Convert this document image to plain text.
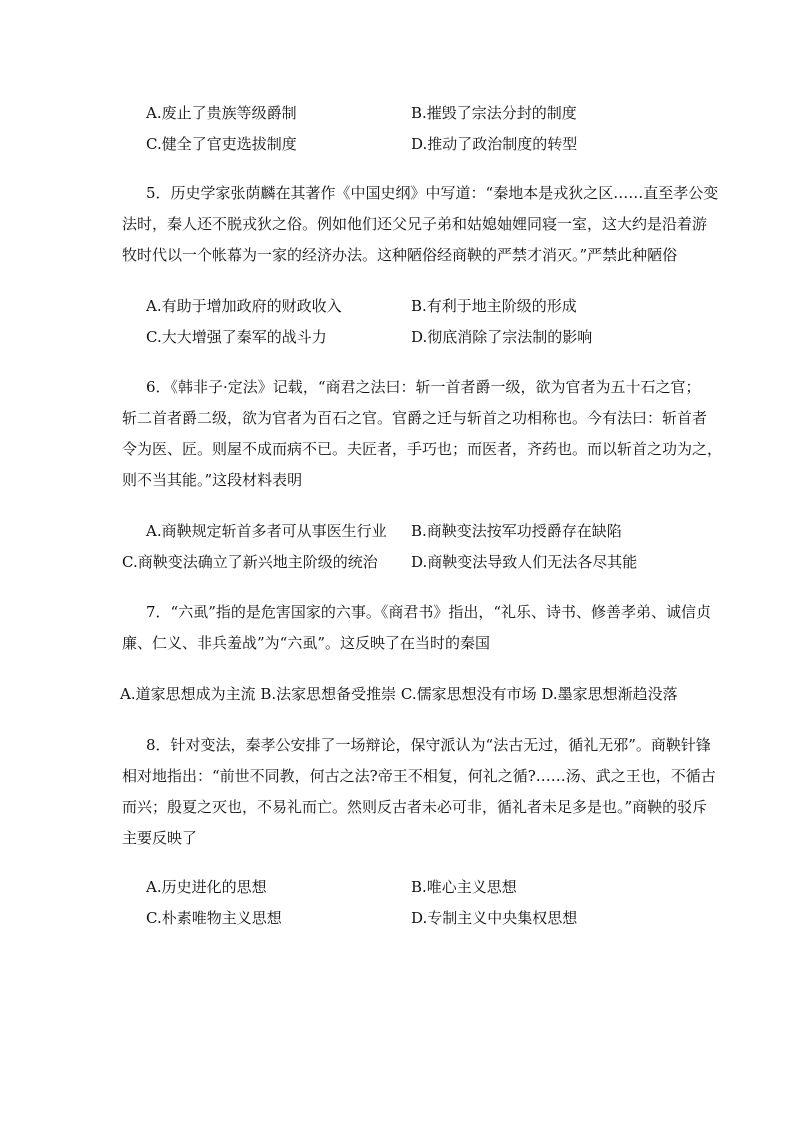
A.废止了贵族等级爵制	B.摧毁了宗法分封的制度
C.健全了官吏选拔制度	D.推动了政治制度的转型
5．历史学家张荫麟在其著作《中国史纲》中写道：“秦地本是戎狄之区……直至孝公变
法时，秦人还不脱戎狄之俗。例如他们还父兄子弟和姑媳妯娌同寝一室，这大约是沿着游
牧时代以一个帐幕为一家的经济办法。这种陋俗经商鞅的严禁才消灭。”严禁此种陋俗
A.有助于增加政府的财政收入	B.有利于地主阶级的形成
C.大大增强了秦军的战斗力	D.彻底消除了宗法制的影响
6．《韩非子·定法》记载，“商君之法曰：斩一首者爵一级，欲为官者为五十石之官；
斩二首者爵二级，欲为官者为百石之官。官爵之迁与斩首之功相称也。今有法曰：斩首者
令为医、匠。则屋不成而病不已。夫匠者，手巧也；而医者，齐药也。而以斩首之功为之，
则不当其能。”这段材料表明
A.商鞅规定斩首多者可从事医生行业 B.商鞅变法按军功授爵存在缺陷
C.商鞅变法确立了新兴地主阶级的统治 D.商鞅变法导致人们无法各尽其能
7．“六虱”指的是危害国家的六事。《商君书》指出，“礼乐、诗书、修善孝弟、诚信贞
廉、仁义、非兵羞战”为“六虱”。这反映了在当时的秦国
A.道家思想成为主流 B.法家思想备受推崇 C.儒家思想没有市场 D.墨家思想渐趋没落
8．针对变法，秦孝公安排了一场辩论，保守派认为“法古无过，循礼无邪”。商鞅针锋
相对地指出：“前世不同教，何古之法?帝王不相复，何礼之循?……汤、武之王也，不循古
而兴；殷夏之灭也，不易礼而亡。然则反古者未必可非，循礼者未足多是也。”商鞅的驳斥
主要反映了
A.历史进化的思想	B.唯心主义思想
C.朴素唯物主义思想	D.专制主义中央集权思想
